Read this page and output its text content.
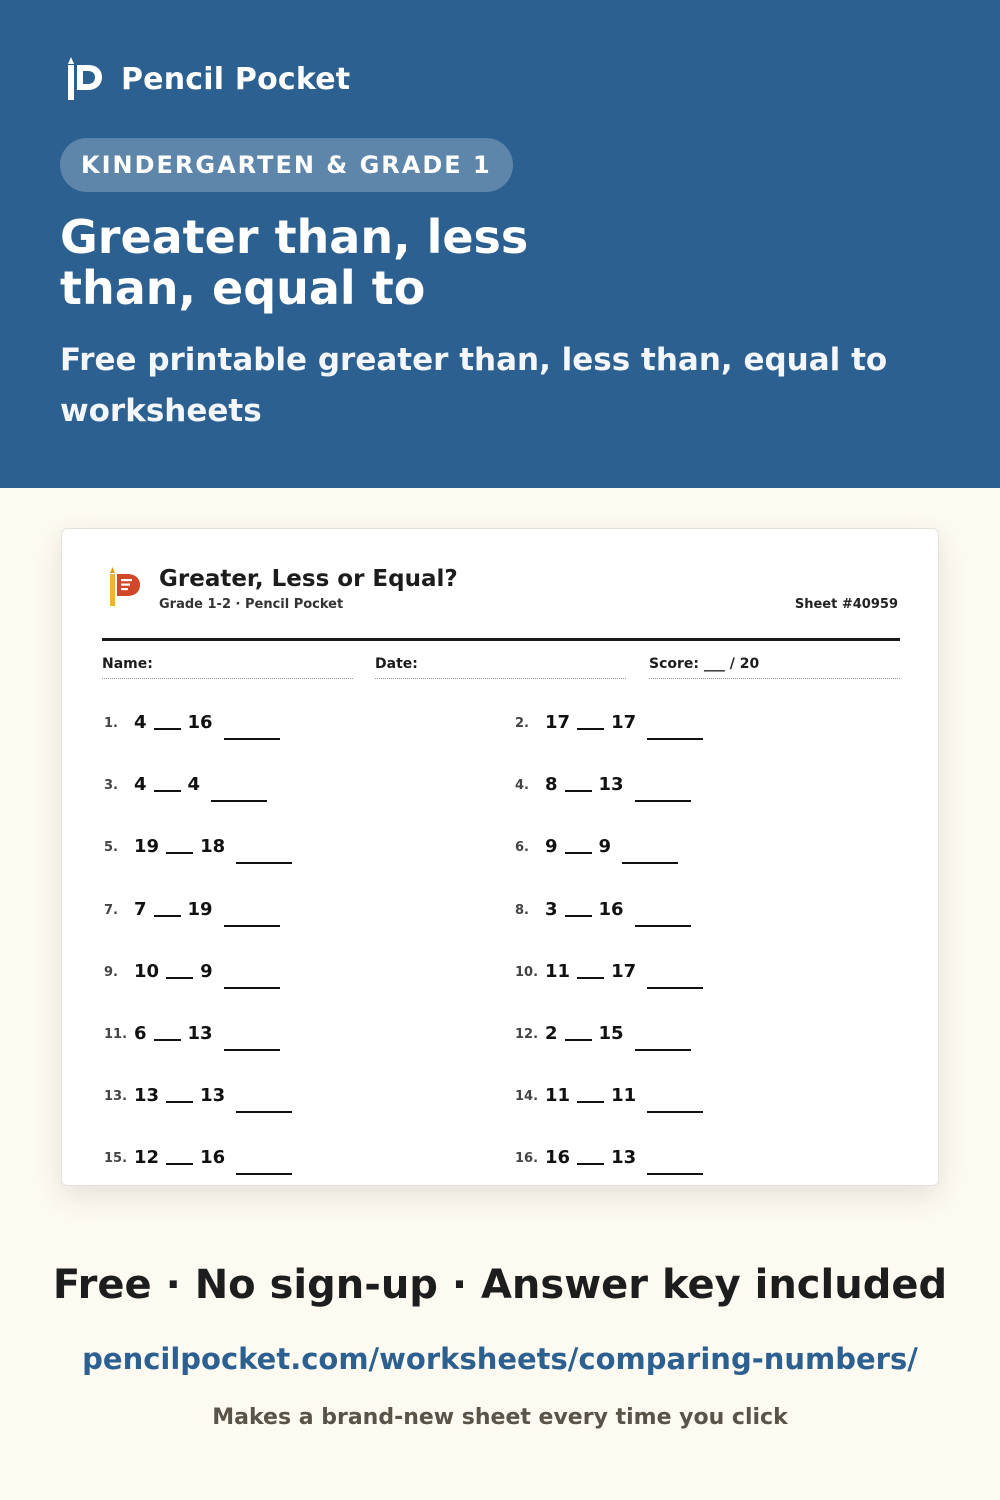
Pencil Pocket
KINDERGARTEN & GRADE 1
Greater than, less than, equal to

Free printable greater than, less than, equal to worksheets

Greater, Less or Equal?
Grade 1-2 · Pencil Pocket	Sheet #40959
Name:	Date:	Score: ___ / 20
1. 4 16	2. 17 17
3. 4 4	4. 8 13
5. 19 18	6. 9 9
7. 7 19	8. 3 16
9. 10 9	10. 11 17
11. 6 13	12. 2 15
13. 13 13	14. 11 11
15. 12 16	16. 16 13
Free · No sign-up · Answer key included
pencilpocket.com/worksheets/comparing-numbers/
Makes a brand-new sheet every time you click
